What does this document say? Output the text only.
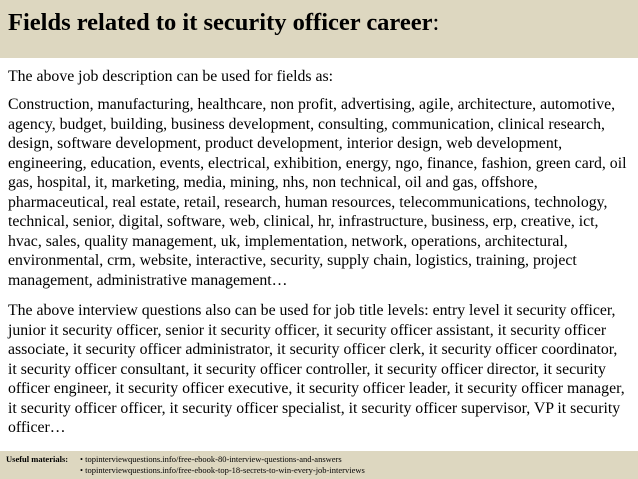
Fields related to it security officer career:
The above job description can be used for fields as:
Construction, manufacturing, healthcare, non profit, advertising, agile, architecture, automotive,
agency, budget, building, business development, consulting, communication, clinical research,
design, software development, product development, interior design, web development,
engineering, education, events, electrical, exhibition, energy, ngo, finance, fashion, green card, oil
gas, hospital, it, marketing, media, mining, nhs, non technical, oil and gas, offshore,
pharmaceutical, real estate, retail, research, human resources, telecommunications, technology,
technical, senior, digital, software, web, clinical, hr, infrastructure, business, erp, creative, ict,
hvac, sales, quality management, uk, implementation, network, operations, architectural,
environmental, crm, website, interactive, security, supply chain, logistics, training, project
management, administrative management…
The above interview questions also can be used for job title levels: entry level it security officer,
junior it security officer, senior it security officer, it security officer assistant, it security officer
associate, it security officer administrator, it security officer clerk, it security officer coordinator,
it security officer consultant, it security officer controller, it security officer director, it security
officer engineer, it security officer executive, it security officer leader, it security officer manager,
it security officer officer, it security officer specialist, it security officer supervisor, VP it security
officer…
Useful materials: • topinterviewquestions.info/free-ebook-80-interview-questions-and-answers
• topinterviewquestions.info/free-ebook-top-18-secrets-to-win-every-job-interviews
